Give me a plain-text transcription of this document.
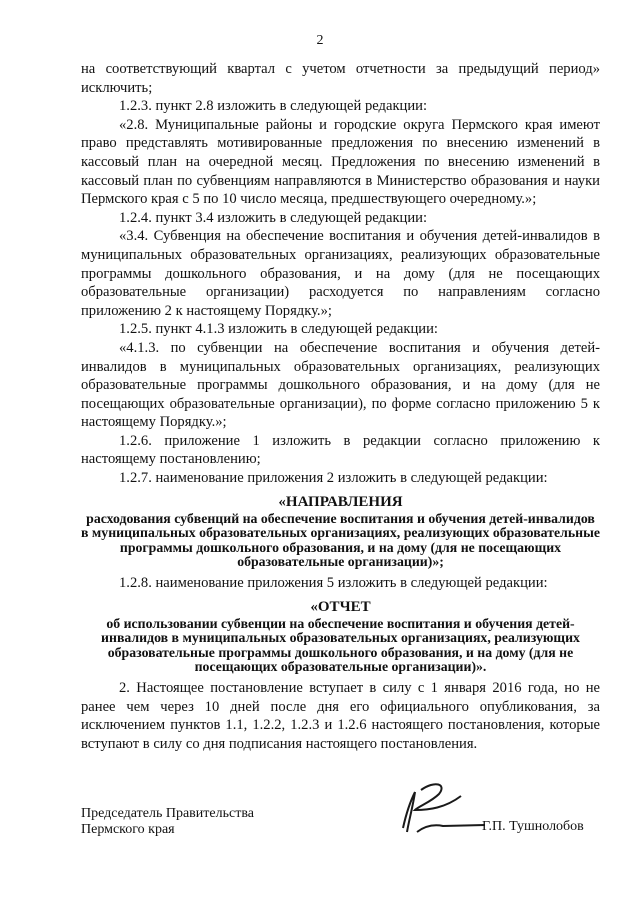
2

на соответствующий квартал с учетом отчетности за предыдущий период» исключить;

1.2.3. пункт 2.8 изложить в следующей редакции:

«2.8. Муниципальные районы и городские округа Пермского края имеют право представлять мотивированные предложения по внесению изменений в кассовый план на очередной месяц. Предложения по внесению изменений в кассовый план по субвенциям направляются в Министерство образования и науки Пермского края с 5 по 10 число месяца, предшествующего очередному.»;

1.2.4. пункт 3.4 изложить в следующей редакции:

«3.4. Субвенция на обеспечение воспитания и обучения детей-инвалидов в муниципальных образовательных организациях, реализующих образовательные программы дошкольного образования, и на дому (для не посещающих образовательные организации) расходуется по направлениям согласно приложению 2 к настоящему Порядку.»;

1.2.5. пункт 4.1.3 изложить в следующей редакции:

«4.1.3. по субвенции на обеспечение воспитания и обучения детей-инвалидов в муниципальных образовательных организациях, реализующих образовательные программы дошкольного образования, и на дому (для не посещающих образовательные организации), по форме согласно приложению 5 к настоящему Порядку.»;

1.2.6. приложение 1 изложить в редакции согласно приложению к настоящему постановлению;

1.2.7. наименование приложения 2 изложить в следующей редакции:

«НАПРАВЛЕНИЯ
расходования субвенций на обеспечение воспитания и обучения детей-инвалидов в муниципальных образовательных организациях, реализующих образовательные программы дошкольного образования, и на дому (для не посещающих образовательные организации)»;

1.2.8. наименование приложения 5 изложить в следующей редакции:

«ОТЧЕТ
об использовании субвенции на обеспечение воспитания и обучения детей-инвалидов в муниципальных образовательных организациях, реализующих образовательные программы дошкольного образования, и на дому (для не посещающих образовательные организации)».

2. Настоящее постановление вступает в силу с 1 января 2016 года, но не ранее чем через 10 дней после дня его официального опубликования, за исключением пунктов 1.1, 1.2.2, 1.2.3 и 1.2.6 настоящего постановления, которые вступают в силу со дня подписания настоящего постановления.

Председатель Правительства
Пермского края	Г.П. Тушнолобов
